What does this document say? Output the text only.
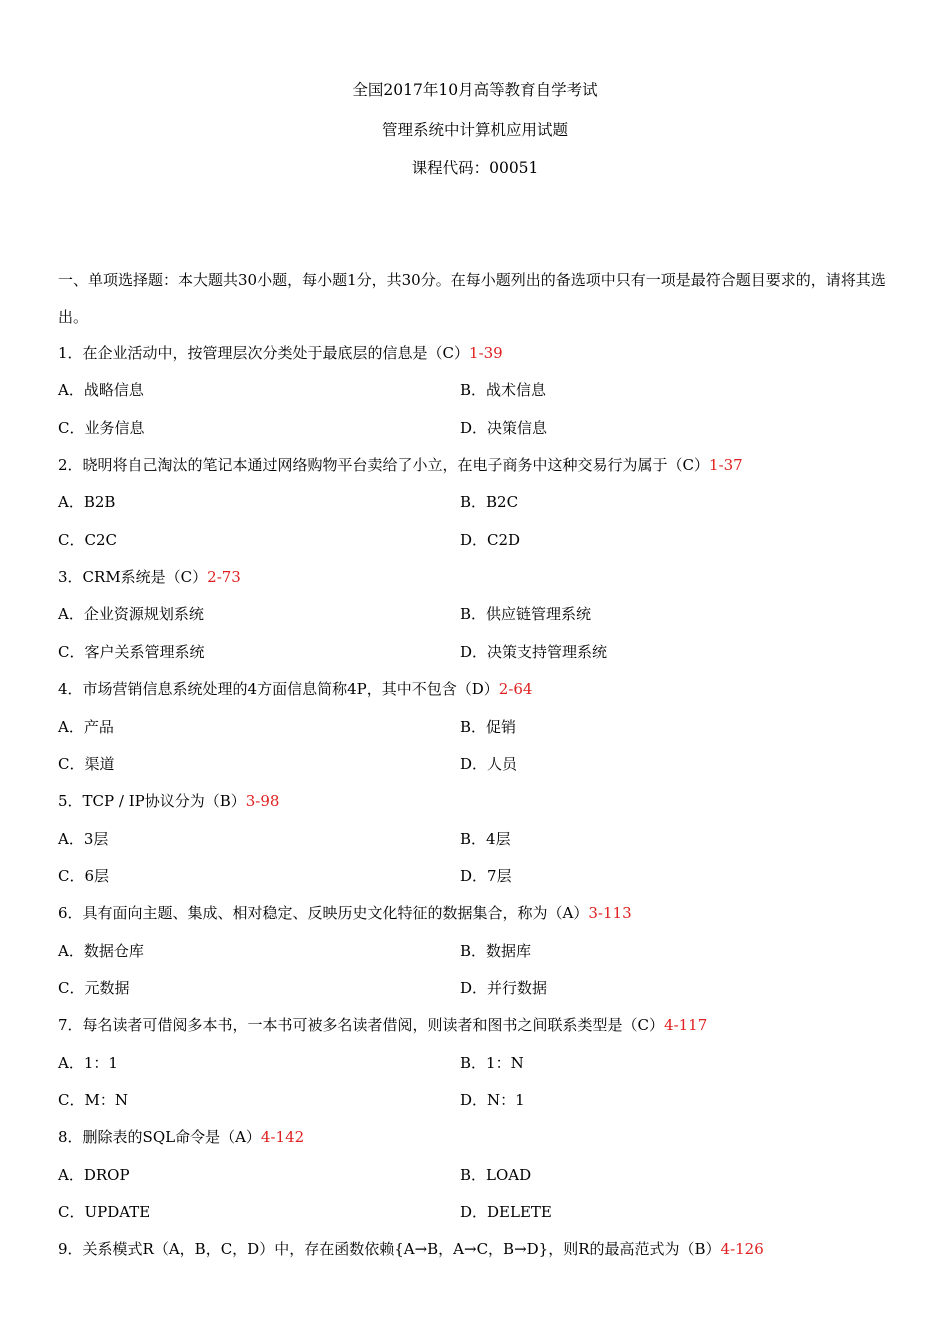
全国2017年10月高等教育自学考试
管理系统中计算机应用试题
课程代码：00051
一、单项选择题：本大题共30小题，每小题1分，共30分。在每小题列出的备选项中只有一项是最符合题目要求的，请将其选出。
1．在企业活动中，按管理层次分类处于最底层的信息是（C）1-39
A．战略信息	B．战术信息
C．业务信息	D．决策信息
2．晓明将自己淘汰的笔记本通过网络购物平台卖给了小立，在电子商务中这种交易行为属于（C）1-37
A．B2B	B．B2C
C．C2C	D．C2D
3．CRM系统是（C）2-73
A．企业资源规划系统	B．供应链管理系统
C．客户关系管理系统	D．决策支持管理系统
4．市场营销信息系统处理的4方面信息简称4P，其中不包含（D）2-64
A．产品	B．促销
C．渠道	D．人员
5．TCP / IP协议分为（B）3-98
A．3层	B．4层
C．6层	D．7层
6．具有面向主题、集成、相对稳定、反映历史文化特征的数据集合，称为（A）3-113
A．数据仓库	B．数据库
C．元数据	D．并行数据
7．每名读者可借阅多本书，一本书可被多名读者借阅，则读者和图书之间联系类型是（C）4-117
A．1：1	B．1：N
C．M：N	D．N：1
8．删除表的SQL命令是（A）4-142
A．DROP	B．LOAD
C．UPDATE	D．DELETE
9．关系模式R（A，B，C，D）中，存在函数依赖{A→B，A→C，B→D}，则R的最高范式为（B）4-126
